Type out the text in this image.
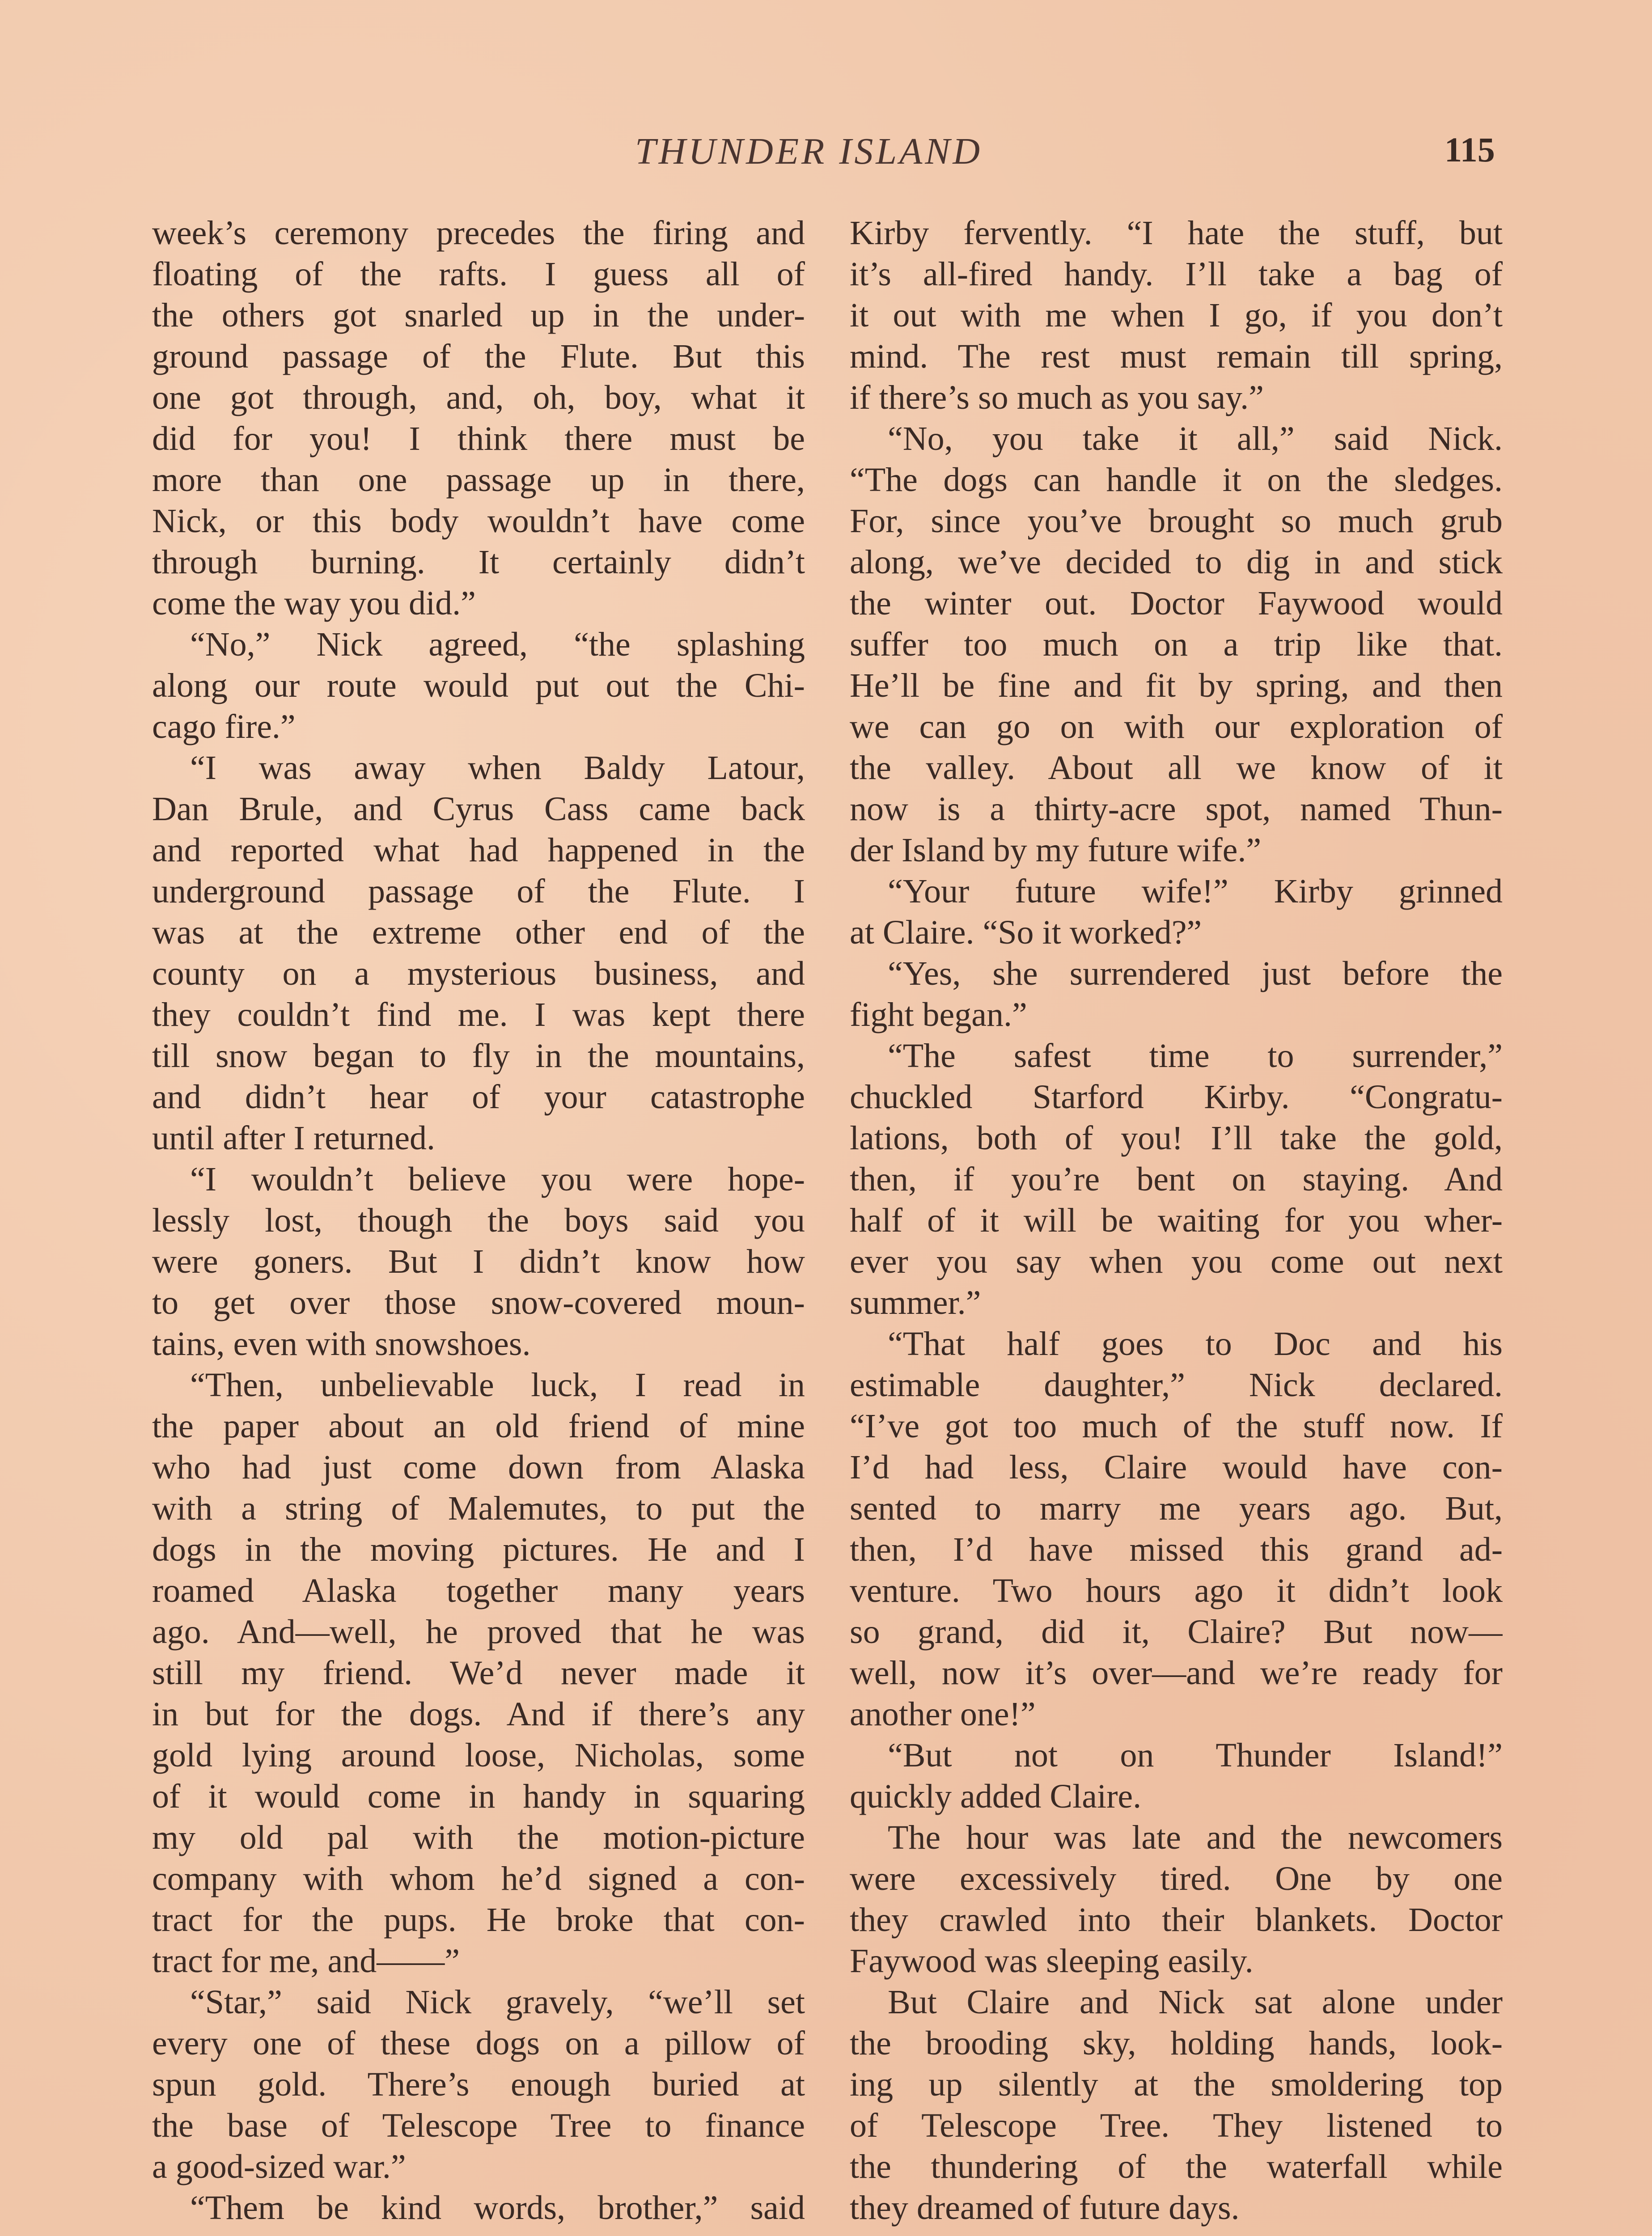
THUNDER ISLAND	115
week’s ceremony precedes the firing and
floating of the rafts. I guess all of
the others got snarled up in the under-
ground passage of the Flute. But this
one got through, and, oh, boy, what it
did for you! I think there must be
more than one passage up in there,
Nick, or this body wouldn’t have come
through burning. It certainly didn’t
come the way you did.”
“No,” Nick agreed, “the splashing
along our route would put out the Chi-
cago fire.”
“I was away when Baldy Latour,
Dan Brule, and Cyrus Cass came back
and reported what had happened in the
underground passage of the Flute. I
was at the extreme other end of the
county on a mysterious business, and
they couldn’t find me. I was kept there
till snow began to fly in the mountains,
and didn’t hear of your catastrophe
until after I returned.
“I wouldn’t believe you were hope-
lessly lost, though the boys said you
were goners. But I didn’t know how
to get over those snow-covered moun-
tains, even with snowshoes.
“Then, unbelievable luck, I read in
the paper about an old friend of mine
who had just come down from Alaska
with a string of Malemutes, to put the
dogs in the moving pictures. He and I
roamed Alaska together many years
ago. And—well, he proved that he was
still my friend. We’d never made it
in but for the dogs. And if there’s any
gold lying around loose, Nicholas, some
of it would come in handy in squaring
my old pal with the motion-picture
company with whom he’d signed a con-
tract for the pups. He broke that con-
tract for me, and——”
“Star,” said Nick gravely, “we’ll set
every one of these dogs on a pillow of
spun gold. There’s enough buried at
the base of Telescope Tree to finance
a good-sized war.”
“Them be kind words, brother,” said
Kirby fervently. “I hate the stuff, but
it’s all-fired handy. I’ll take a bag of
it out with me when I go, if you don’t
mind. The rest must remain till spring,
if there’s so much as you say.”
“No, you take it all,” said Nick.
“The dogs can handle it on the sledges.
For, since you’ve brought so much grub
along, we’ve decided to dig in and stick
the winter out. Doctor Faywood would
suffer too much on a trip like that.
He’ll be fine and fit by spring, and then
we can go on with our exploration of
the valley. About all we know of it
now is a thirty-acre spot, named Thun-
der Island by my future wife.”
“Your future wife!” Kirby grinned
at Claire. “So it worked?”
“Yes, she surrendered just before the
fight began.”
“The safest time to surrender,”
chuckled Starford Kirby. “Congratu-
lations, both of you! I’ll take the gold,
then, if you’re bent on staying. And
half of it will be waiting for you wher-
ever you say when you come out next
summer.”
“That half goes to Doc and his
estimable daughter,” Nick declared.
“I’ve got too much of the stuff now. If
I’d had less, Claire would have con-
sented to marry me years ago. But,
then, I’d have missed this grand ad-
venture. Two hours ago it didn’t look
so grand, did it, Claire? But now—
well, now it’s over—and we’re ready for
another one!”
“But not on Thunder Island!”
quickly added Claire.
The hour was late and the newcomers
were excessively tired. One by one
they crawled into their blankets. Doctor
Faywood was sleeping easily.
But Claire and Nick sat alone under
the brooding sky, holding hands, look-
ing up silently at the smoldering top
of Telescope Tree. They listened to
the thundering of the waterfall while
they dreamed of future days.
